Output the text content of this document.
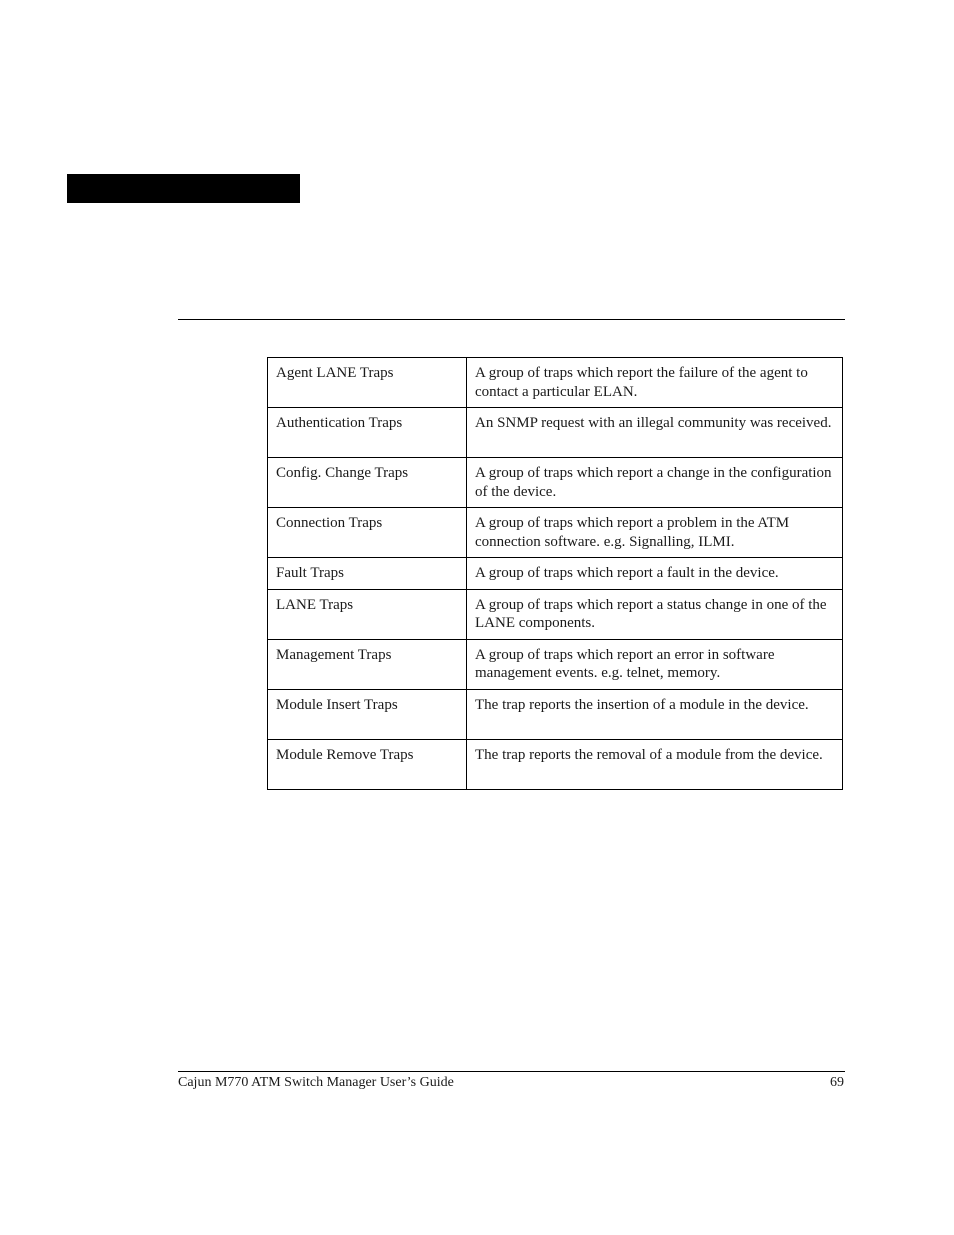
Agent LANE Traps	A group of traps which report the failure of the agent to contact a particular ELAN.
Authentication Traps	An SNMP request with an illegal community was received.
Config. Change Traps	A group of traps which report a change in the configuration of the device.
Connection Traps	A group of traps which report a problem in the ATM connection software. e.g. Signalling, ILMI.
Fault Traps	A group of traps which report a fault in the device.
LANE Traps	A group of traps which report a status change in one of the LANE components.
Management Traps	A group of traps which report an error in software management events. e.g. telnet, memory.
Module Insert Traps	The trap reports the insertion of a module in the device.
Module Remove Traps	The trap reports the removal of a module from the device.
Cajun M770 ATM Switch Manager User’s Guide	69
